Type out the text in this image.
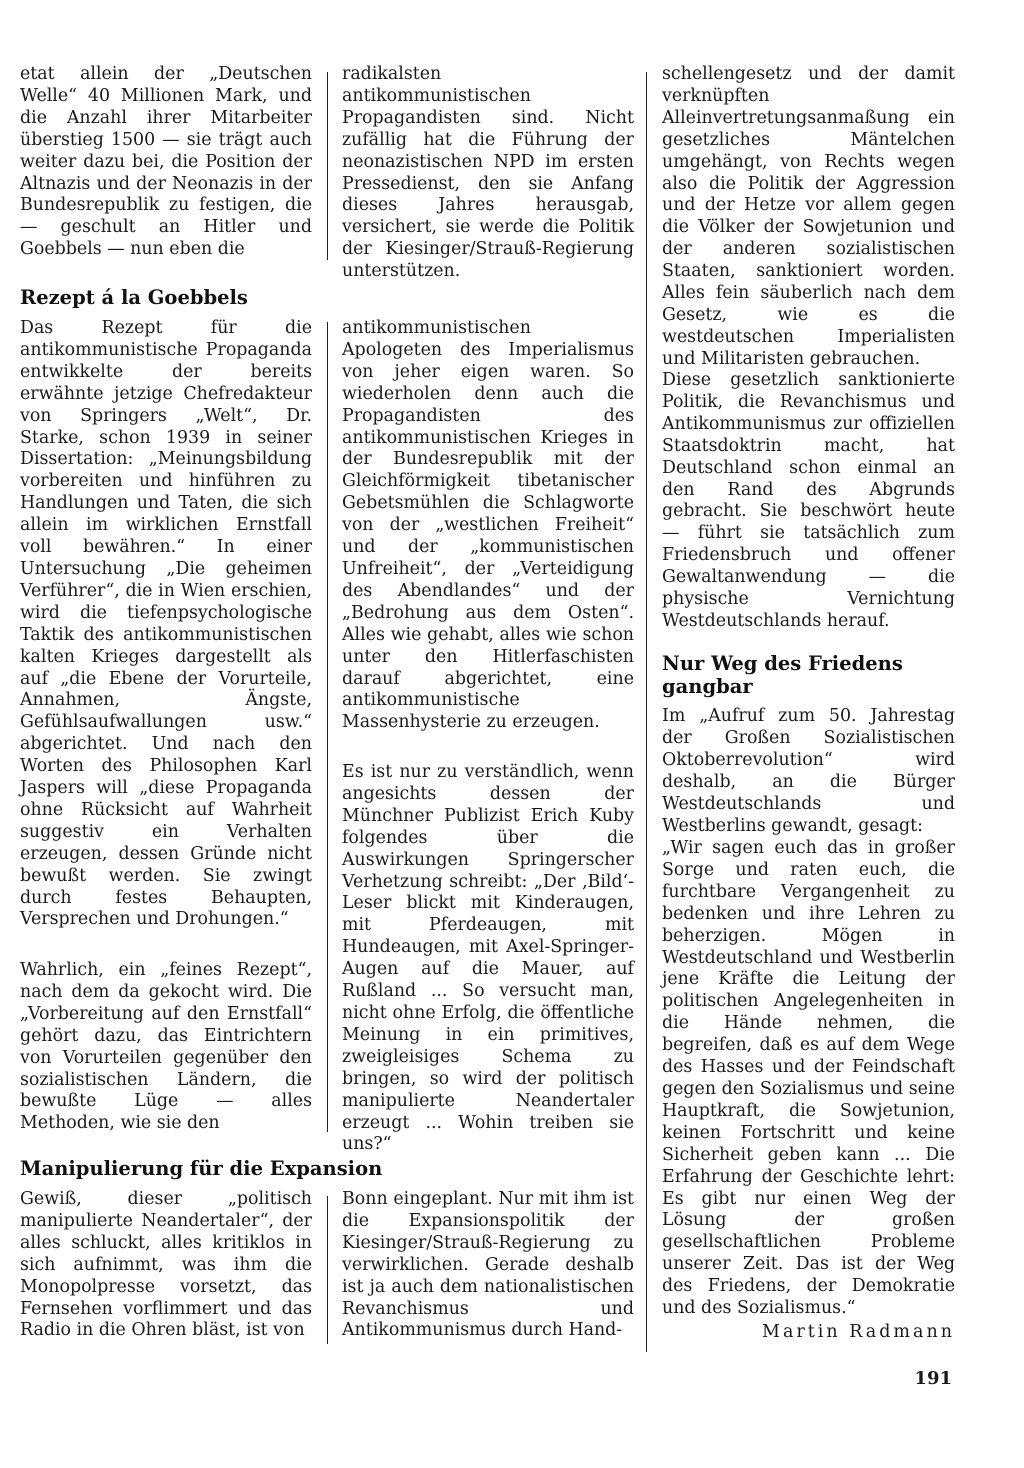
etat allein der „Deutschen Welle“ 40 Millionen Mark, und die Anzahl ihrer Mitarbeiter überstieg 1500 — sie trägt auch weiter dazu bei, die Position der Altnazis und der Neonazis in der Bundesrepublik zu festigen, die — geschult an Hitler und Goebbels — nun eben die

Rezept á la Goebbels

Das Rezept für die antikommunistische Propaganda entwikkelte der bereits erwähnte jetzige Chefredakteur von Springers „Welt“, Dr. Starke, schon 1939 in seiner Dissertation: „Meinungsbildung vorbereiten und hinführen zu Handlungen und Taten, die sich allein im wirklichen Ernstfall voll bewähren.“ In einer Untersuchung „Die geheimen Verführer“, die in Wien erschien, wird die tiefenpsychologische Taktik des antikommunistischen kalten Krieges dargestellt als auf „die Ebene der Vorurteile, Annahmen, Ängste, Gefühlsaufwallungen usw.“ abgerichtet. Und nach den Worten des Philosophen Karl Jaspers will „diese Propaganda ohne Rücksicht auf Wahrheit suggestiv ein Verhalten erzeugen, dessen Gründe nicht bewußt werden. Sie zwingt durch festes Behaupten, Versprechen und Drohungen.“

Wahrlich, ein „feines Rezept“, nach dem da gekocht wird. Die „Vorbereitung auf den Ernstfall“ gehört dazu, das Eintrichtern von Vorurteilen gegenüber den sozialistischen Ländern, die bewußte Lüge — alles Methoden, wie sie den

radikalsten antikommunistischen Propagandisten sind. Nicht zufällig hat die Führung der neonazistischen NPD im ersten Pressedienst, den sie Anfang dieses Jahres herausgab, versichert, sie werde die Politik der Kiesinger/Strauß-Regierung unterstützen.

antikommunistischen Apologeten des Imperialismus von jeher eigen waren. So wiederholen denn auch die Propagandisten des antikommunistischen Krieges in der Bundesrepublik mit der Gleichförmigkeit tibetanischer Gebetsmühlen die Schlagworte von der „westlichen Freiheit“ und der „kommunistischen Unfreiheit“, der „Verteidigung des Abendlandes“ und der „Bedrohung aus dem Osten“. Alles wie gehabt, alles wie schon unter den Hitlerfaschisten darauf abgerichtet, eine antikommunistische Massenhysterie zu erzeugen.

Es ist nur zu verständlich, wenn angesichts dessen der Münchner Publizist Erich Kuby folgendes über die Auswirkungen Springerscher Verhetzung schreibt: „Der ‚Bild‘-Leser blickt mit Kinderaugen, mit Pferdeaugen, mit Hundeaugen, mit Axel-Springer-Augen auf die Mauer, auf Rußland ... So versucht man, nicht ohne Erfolg, die öffentliche Meinung in ein primitives, zweigleisiges Schema zu bringen, so wird der politisch manipulierte Neandertaler erzeugt ... Wohin treiben sie uns?“

Manipulierung für die Expansion

Gewiß, dieser „politisch manipulierte Neandertaler“, der alles schluckt, alles kritiklos in sich aufnimmt, was ihm die Monopolpresse vorsetzt, das Fernsehen vorflimmert und das Radio in die Ohren bläst, ist von

Bonn eingeplant. Nur mit ihm ist die Expansionspolitik der Kiesinger/Strauß-Regierung zu verwirklichen. Gerade deshalb ist ja auch dem nationalistischen Revanchismus und Antikommunismus durch Hand-

schellengesetz und der damit verknüpften Alleinvertretungsanmaßung ein gesetzliches Mäntelchen umgehängt, von Rechts wegen also die Politik der Aggression und der Hetze vor allem gegen die Völker der Sowjetunion und der anderen sozialistischen Staaten, sanktioniert worden. Alles fein säuberlich nach dem Gesetz, wie es die westdeutschen Imperialisten und Militaristen gebrauchen.

Diese gesetzlich sanktionierte Politik, die Revanchismus und Antikommunismus zur offiziellen Staatsdoktrin macht, hat Deutschland schon einmal an den Rand des Abgrunds gebracht. Sie beschwört heute — führt sie tatsächlich zum Friedensbruch und offener Gewaltanwendung — die physische Vernichtung Westdeutschlands herauf.

Nur Weg des Friedens gangbar

Im „Aufruf zum 50. Jahrestag der Großen Sozialistischen Oktoberrevolution“ wird deshalb, an die Bürger Westdeutschlands und Westberlins gewandt, gesagt:

„Wir sagen euch das in großer Sorge und raten euch, die furchtbare Vergangenheit zu bedenken und ihre Lehren zu beherzigen. Mögen in Westdeutschland und Westberlin jene Kräfte die Leitung der politischen Angelegenheiten in die Hände nehmen, die begreifen, daß es auf dem Wege des Hasses und der Feindschaft gegen den Sozialismus und seine Hauptkraft, die Sowjetunion, keinen Fortschritt und keine Sicherheit geben kann ... Die Erfahrung der Geschichte lehrt: Es gibt nur einen Weg der Lösung der großen gesellschaftlichen Probleme unserer Zeit. Das ist der Weg des Friedens, der Demokratie und des Sozialismus.“

Martin Radmann

191
